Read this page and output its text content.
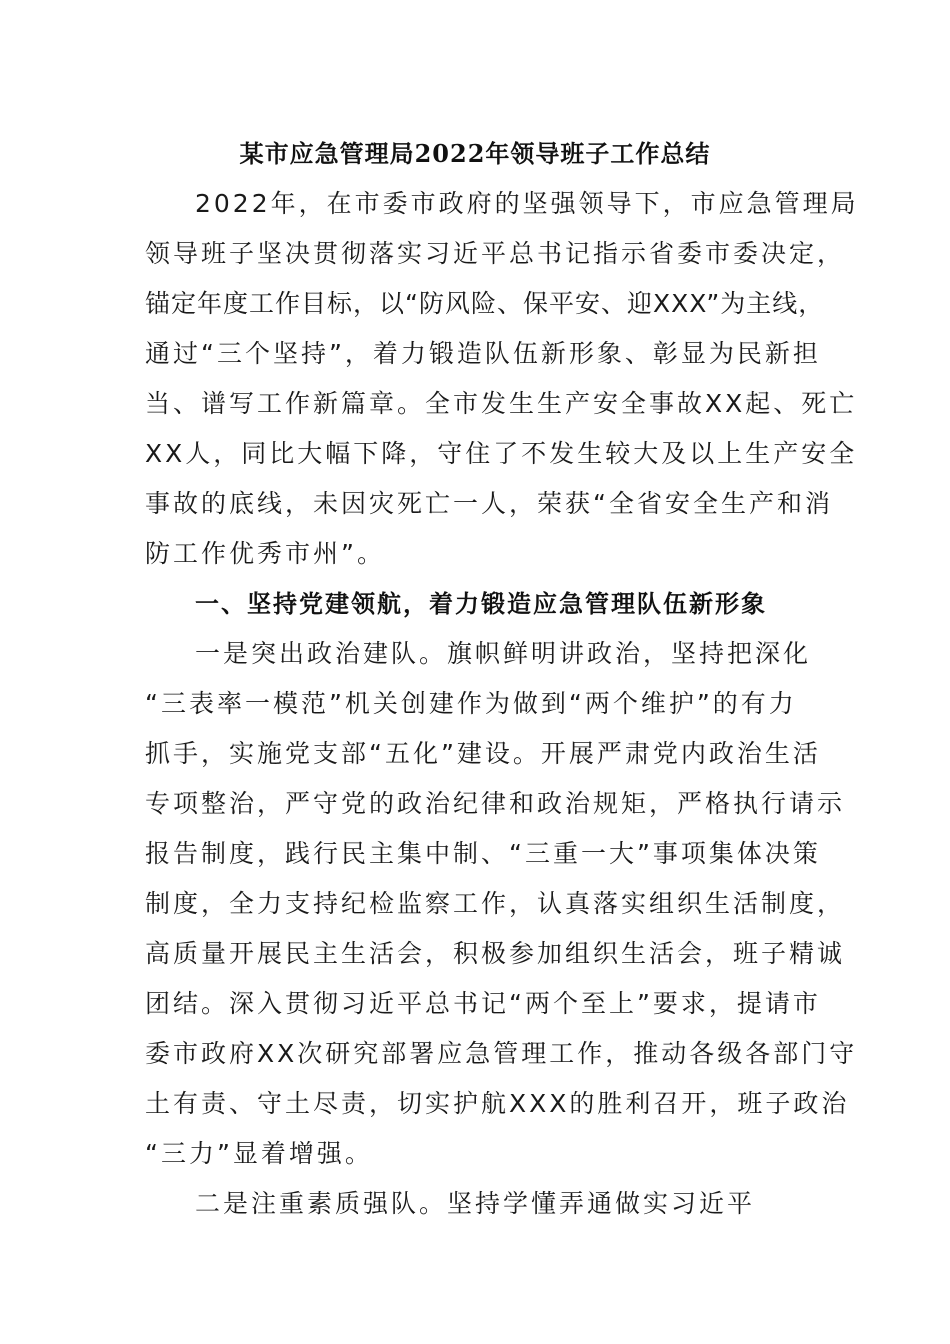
某市应急管理局2022年领导班子工作总结
2022年，在市委市政府的坚强领导下，市应急管理局
领导班子坚决贯彻落实习近平总书记指示省委市委决定，
锚定年度工作目标，以“防风险、保平安、迎XXX”为主线，
通过“三个坚持”，着力锻造队伍新形象、彰显为民新担
当、谱写工作新篇章。全市发生生产安全事故XX起、死亡
XX人，同比大幅下降，守住了不发生较大及以上生产安全
事故的底线，未因灾死亡一人，荣获“全省安全生产和消
防工作优秀市州”。
一、坚持党建领航，着力锻造应急管理队伍新形象
一是突出政治建队。旗帜鲜明讲政治，坚持把深化
“三表率一模范”机关创建作为做到“两个维护”的有力
抓手，实施党支部“五化”建设。开展严肃党内政治生活
专项整治，严守党的政治纪律和政治规矩，严格执行请示
报告制度，践行民主集中制、“三重一大”事项集体决策
制度，全力支持纪检监察工作，认真落实组织生活制度，
高质量开展民主生活会，积极参加组织生活会，班子精诚
团结。深入贯彻习近平总书记“两个至上”要求，提请市
委市政府XX次研究部署应急管理工作，推动各级各部门守
土有责、守土尽责，切实护航XXX的胜利召开，班子政治
“三力”显着增强。
二是注重素质强队。坚持学懂弄通做实习近平
